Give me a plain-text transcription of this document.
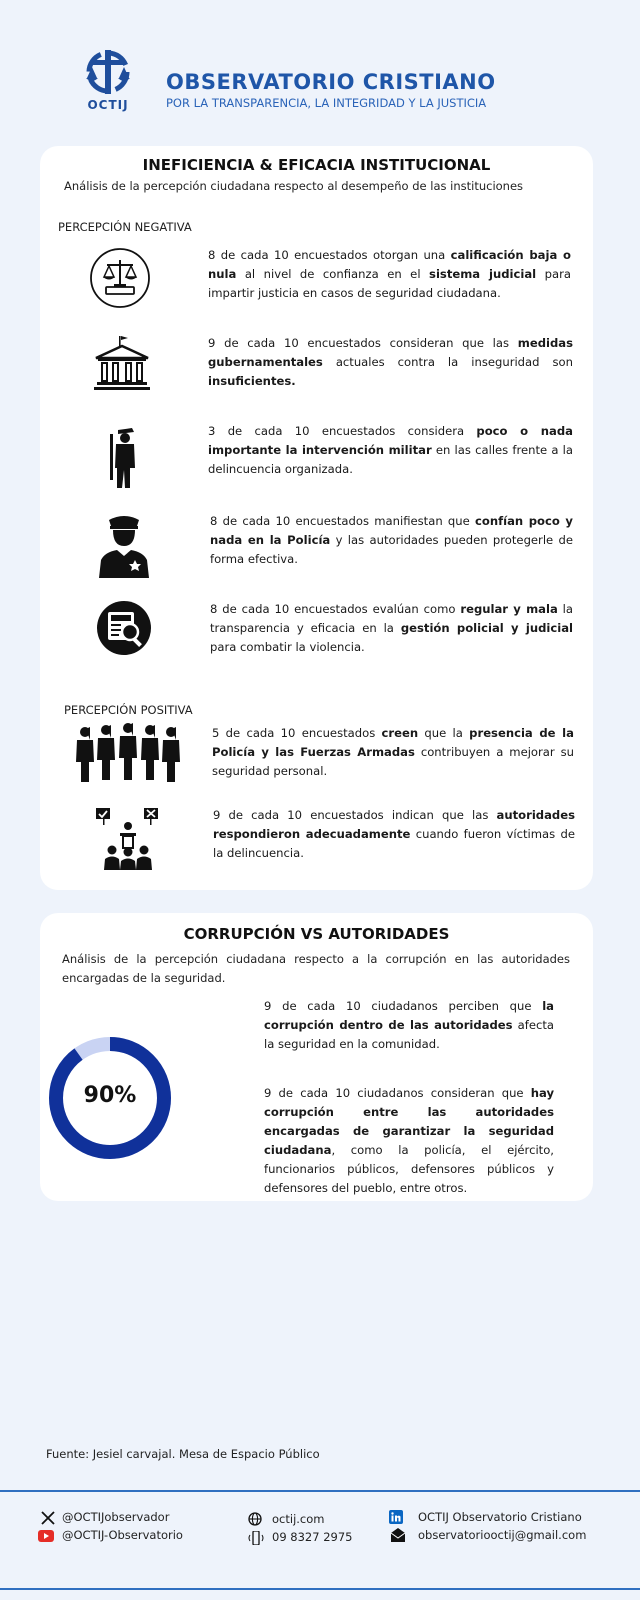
OCTIJ
OBSERVATORIO CRISTIANO
POR LA TRANSPARENCIA, LA INTEGRIDAD Y LA JUSTICIA
INEFICIENCIA & EFICACIA INSTITUCIONAL
Análisis de la percepción ciudadana respecto al desempeño de las instituciones
PERCEPCIÓN NEGATIVA
PERCEPCIÓN POSITIVA
8 de cada 10 encuestados otorgan una calificación baja o nula al nivel de confianza en el sistema judicial para impartir justicia en casos de seguridad ciudadana.
9 de cada 10 encuestados consideran que las medidas gubernamentales actuales contra la inseguridad son insuficientes.
3 de cada 10 encuestados considera poco o nada importante la intervención militar en las calles frente a la delincuencia organizada.
8 de cada 10 encuestados manifiestan que confían poco y nada en la Policía y las autoridades pueden protegerle de forma efectiva.
8 de cada 10 encuestados evalúan como regular y mala la transparencia y eficacia en la gestión policial y judicial para combatir la violencia.
5 de cada 10 encuestados creen que la presencia de la Policía y las Fuerzas Armadas contribuyen a mejorar su seguridad personal.
9 de cada 10 encuestados indican que las autoridades respondieron adecuadamente cuando fueron víctimas de la delincuencia.
CORRUPCIÓN VS AUTORIDADES
Análisis de la percepción ciudadana respecto a la corrupción en las autoridades encargadas de la seguridad.
9 de cada 10 ciudadanos perciben que la corrupción dentro de las autoridades afecta la seguridad en la comunidad.
9 de cada 10 ciudadanos consideran que hay corrupción entre las autoridades encargadas de garantizar la seguridad ciudadana, como la policía, el ejército, funcionarios públicos, defensores públicos y defensores del pueblo, entre otros.
90%
Fuente: Jesiel carvajal. Mesa de Espacio Público
@OCTIJobservador
@OCTIJ-Observatorio
octij.com
09 8327 2975
OCTIJ Observatorio Cristiano
observatoriooctij@gmail.com
